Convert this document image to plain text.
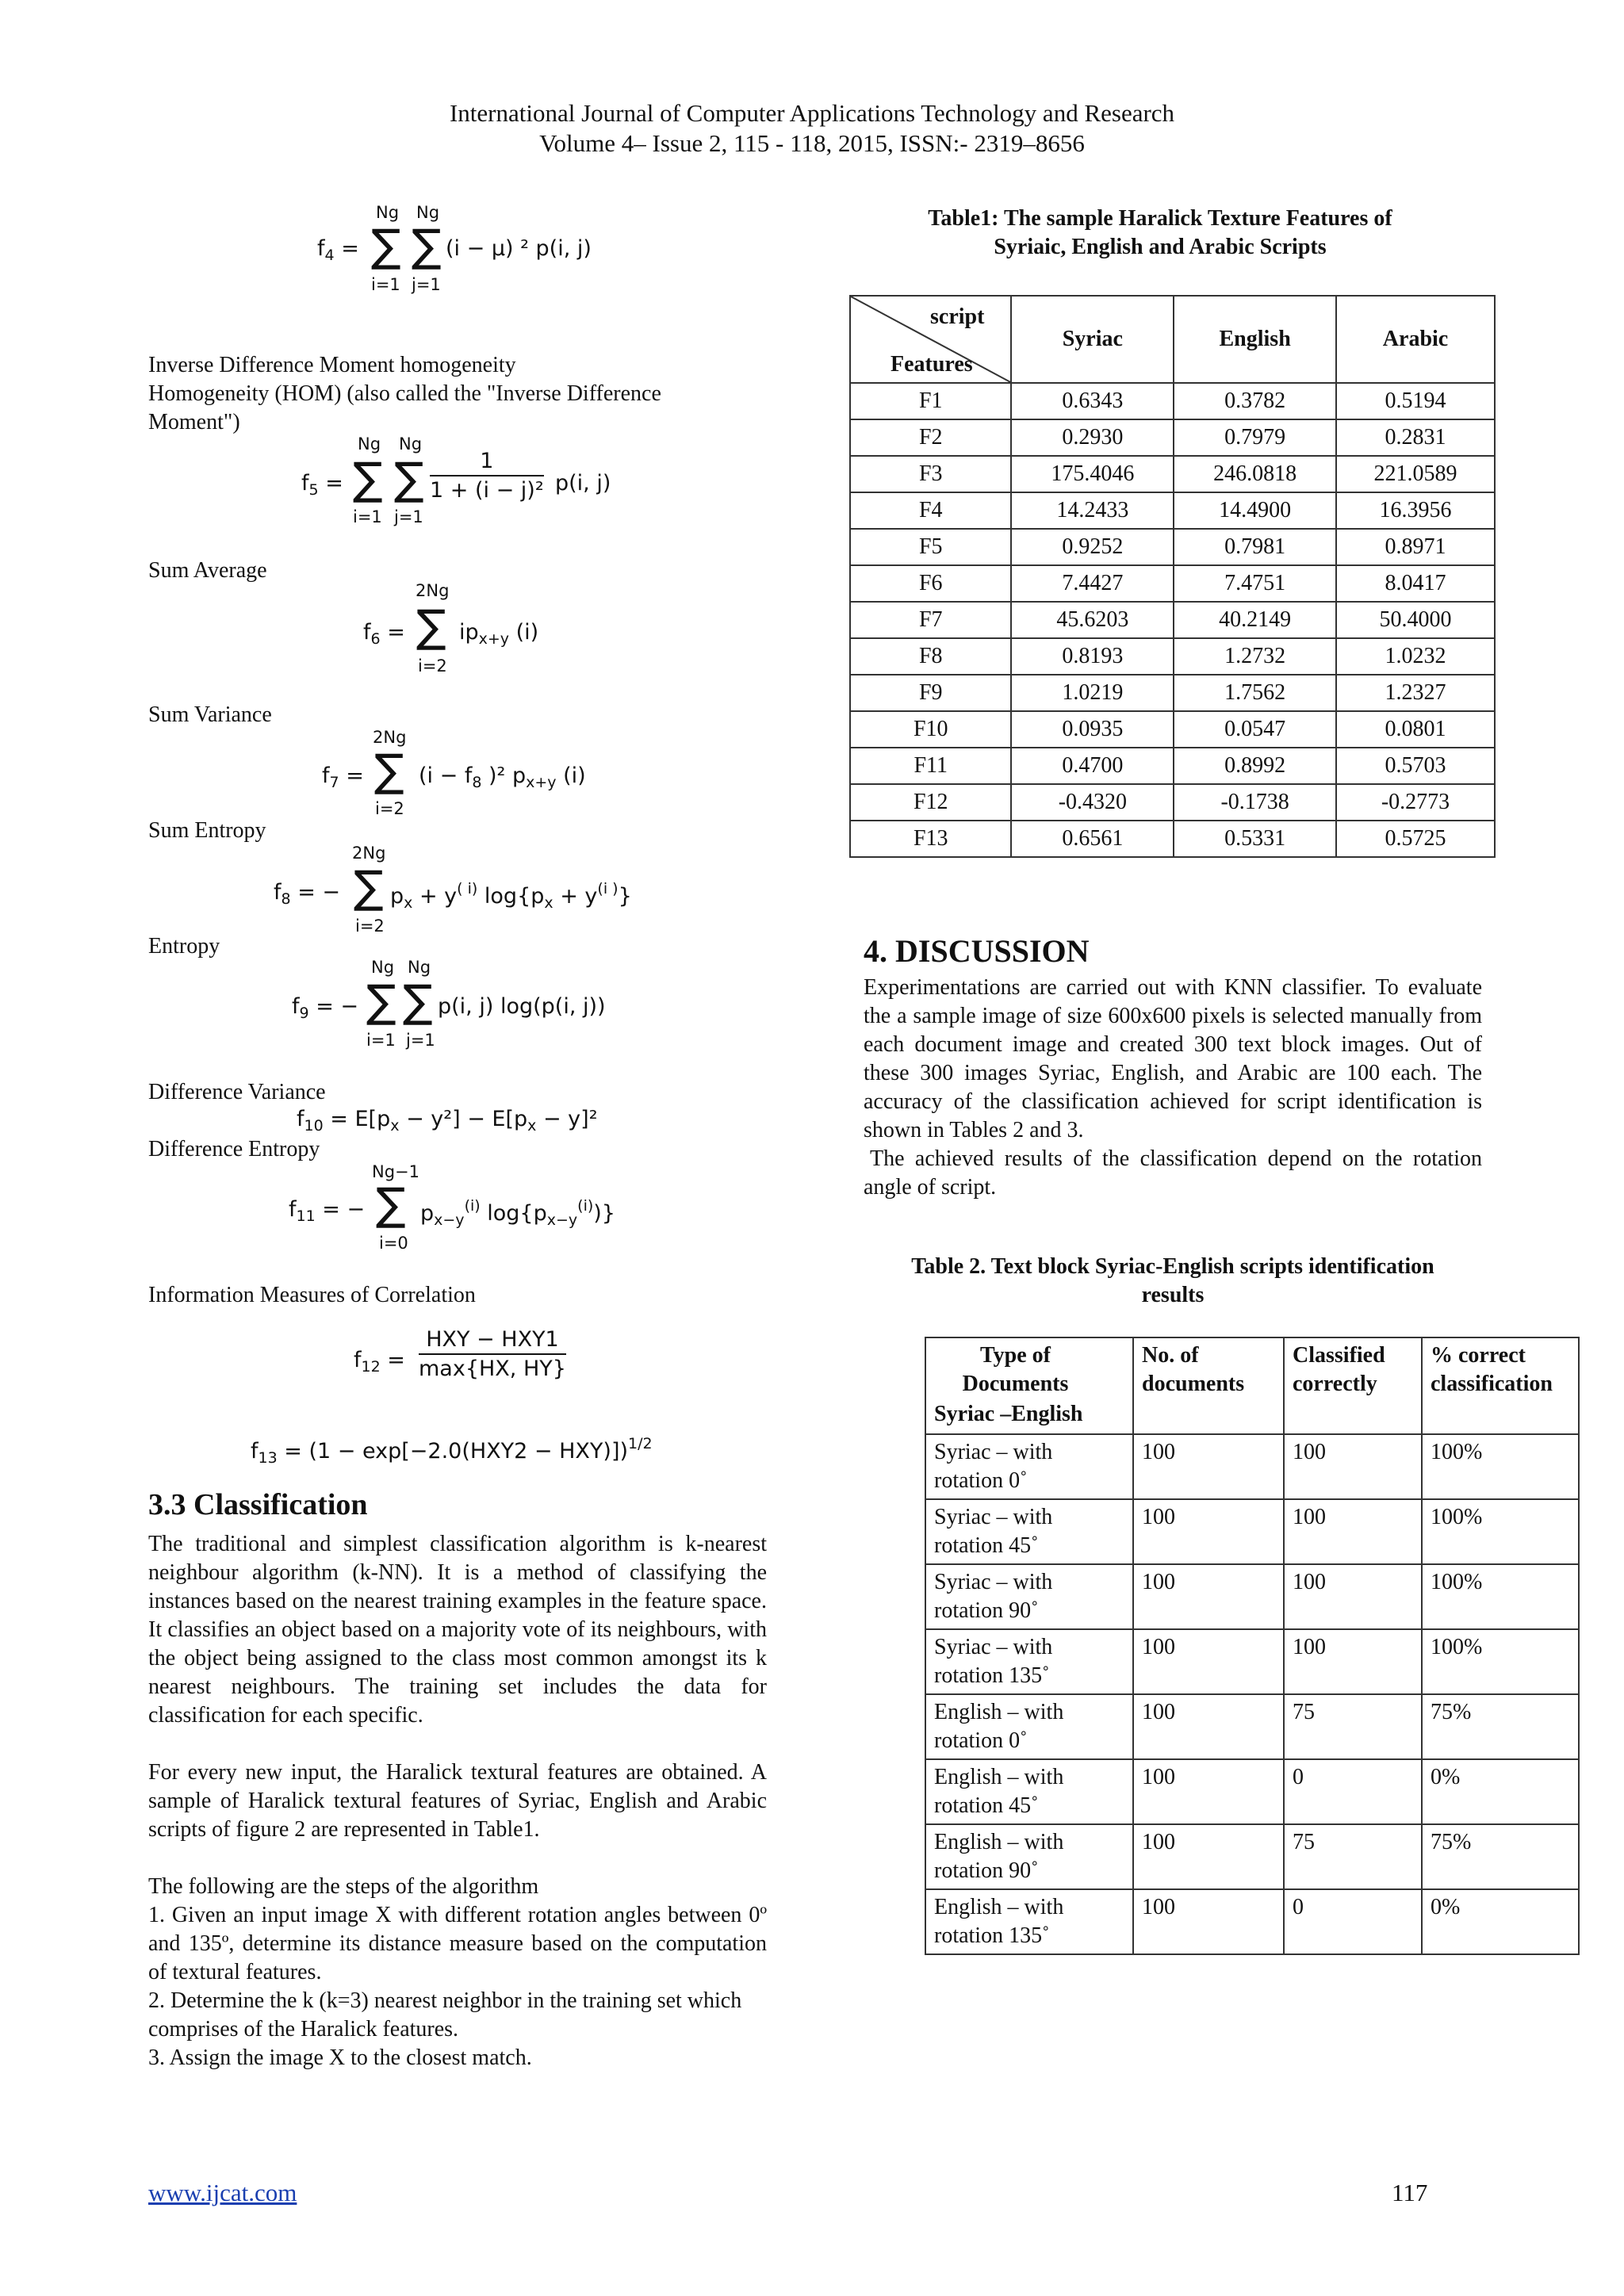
International Journal of Computer Applications Technology and Research
Volume 4– Issue 2, 115 - 118, 2015, ISSN:- 2319–8656
Ng Ng
$f_4$ = ∑ ∑ (i − μ) ² p(i, j)
i=1 j=1
Inverse Difference Moment homogeneity
Homogeneity (HOM) (also called the "Inverse Difference Moment")
Ng Ng
$f_5$ = ∑ ∑ $\frac{1}{\text{1 + (i − j)²}} p(i$, j)
i=1 j=1
Sum Average
2Ng
$f_6$ = ∑ $ip_{x+y}$ (i)
i=2
Sum Variance
2Ng
$f_7$ = ∑ ($i - f_8$ )² $p_{x+y}$ (i)
i=2
Sum Entropy
2Ng
$f_8$ = − ∑ $p_x + y^{( i)}$ $\log\{p_x + y^{(i )}\}$
i=2
Entropy
Ng Ng
$f_9$ = − ∑ ∑ p(i, j) log(p(i, j))
i=1 j=1
Difference Variance
$f_{10} = E[p_x - y^2] - E[p_x - y]^2$
Difference Entropy
Ng−1
$f_{11}$ = − ∑ $p_{x-y}^{(i)}$ $\log\{p_{x-y}^{(i)})$}
i=0
Information Measures of Correlation
$f_{12} = \frac{\text{HXY − HXY1}}{\max\{HX, HY\}}$
$f_{13} = (1 - \exp[-2.0(HXY2 - HXY)])^{1/2}$
3.3 Classification
The traditional and simplest classification algorithm is k-nearest neighbour algorithm (k-NN). It is a method of classifying the instances based on the nearest training examples in the feature space. It classifies an object based on a majority vote of its neighbours, with the object being assigned to the class most common amongst its k nearest neighbours. The training set includes the data for classification for each specific.
For every new input, the Haralick textural features are obtained. A sample of Haralick textural features of Syriac, English and Arabic scripts of figure 2 are represented in Table1.
The following are the steps of the algorithm
1. Given an input image X with different rotation angles between 0º and 135º, determine its distance measure based on the computation of textural features.
2. Determine the k (k=3) nearest neighbor in the training set which comprises of the Haralick features.
3. Assign the image X to the closest match.
Table1: The sample Haralick Texture Features of
Syriaic, English and Arabic Scripts
script
Features	Syriac	English	Arabic
F1	0.6343	0.3782	0.5194
F2	0.2930	0.7979	0.2831
F3	175.4046	246.0818	221.0589
F4	14.2433	14.4900	16.3956
F5	0.9252	0.7981	0.8971
F6	7.4427	7.4751	8.0417
F7	45.6203	40.2149	50.4000
F8	0.8193	1.2732	1.0232
F9	1.0219	1.7562	1.2327
F10	0.0935	0.0547	0.0801
F11	0.4700	0.8992	0.5703
F12	-0.4320	-0.1738	-0.2773
F13	0.6561	0.5331	0.5725
4. DISCUSSION
Experimentations are carried out with KNN classifier. To evaluate the a sample image of size 600x600 pixels is selected manually from each document image and created 300 text block images. Out of these 300 images Syriac, English, and Arabic are 100 each. The accuracy of the classification achieved for script identification is shown in Tables 2 and 3.
The achieved results of the classification depend on the rotation angle of script.
Table 2. Text block Syriac-English scripts identification
results
Type of Documents
Syriac –English	No. of documents	Classified correctly	% correct classification
Syriac – with rotation 0˚	100	100	100%
Syriac – with rotation 45˚	100	100	100%
Syriac – with rotation 90˚	100	100	100%
Syriac – with rotation 135˚	100	100	100%
English – with rotation 0˚	100	75	75%
English – with rotation 45˚	100	0	0%
English – with rotation 90˚	100	75	75%
English – with rotation 135˚	100	0	0%
www.ijcat.com	117
